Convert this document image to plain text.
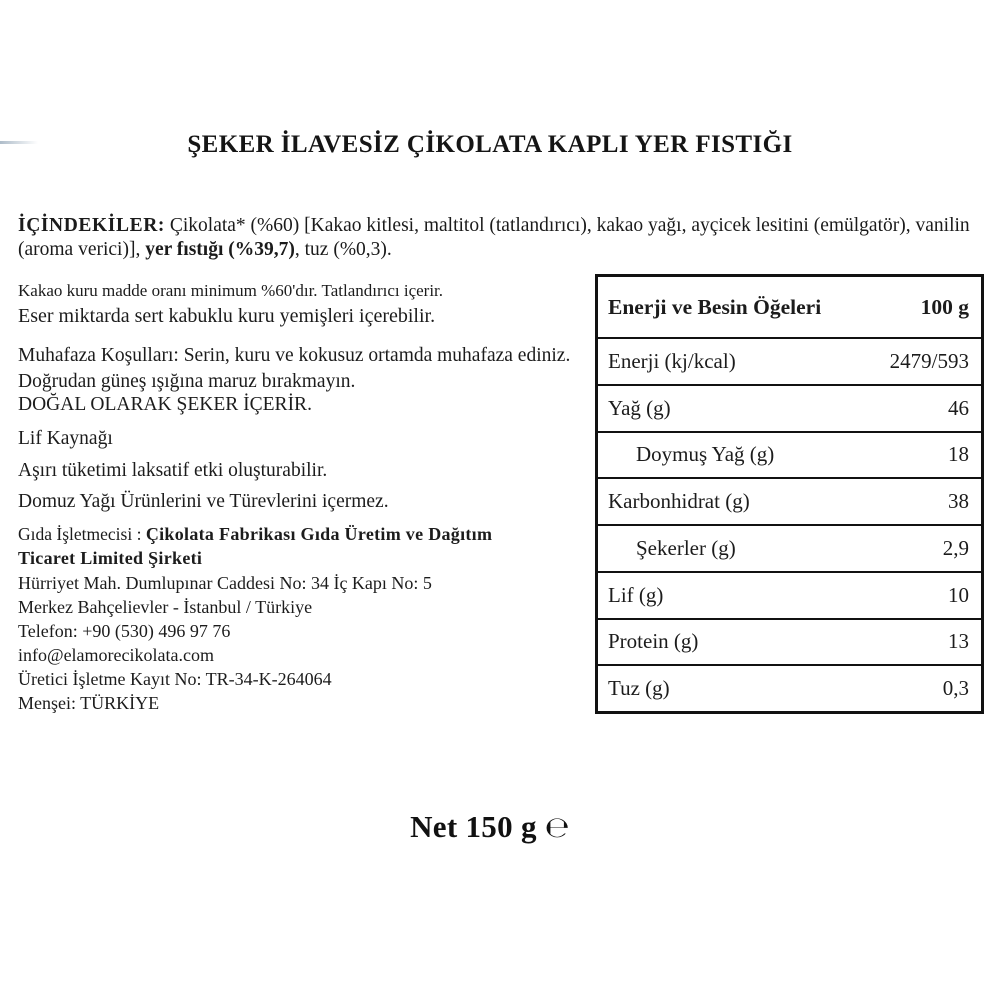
ŞEKER İLAVESİZ ÇİKOLATA KAPLI YER FISTIĞI
İÇİNDEKİLER: Çikolata* (%60) [Kakao kitlesi, maltitol (tatlandırıcı), kakao yağı, ayçicek lesitini (emülgatör), vanilin (aroma verici)], yer fıstığı (%39,7), tuz (%0,3).
Kakao kuru madde oranı minimum %60'dır. Tatlandırıcı içerir.
Eser miktarda sert kabuklu kuru yemişleri içerebilir.
Muhafaza Koşulları: Serin, kuru ve kokusuz ortamda muhafaza ediniz. Doğrudan güneş ışığına maruz bırakmayın.
DOĞAL OLARAK ŞEKER İÇERİR.
Lif Kaynağı
Aşırı tüketimi laksatif etki oluşturabilir.
Domuz Yağı Ürünlerini ve Türevlerini içermez.
Gıda İşletmecisi : Çikolata Fabrikası Gıda Üretim ve Dağıtım Ticaret Limited Şirketi
Hürriyet Mah. Dumlupınar Caddesi No: 34 İç Kapı No: 5
Merkez Bahçelievler - İstanbul / Türkiye
Telefon: +90 (530) 496 97 76
info@elamorecikolata.com
Üretici İşletme Kayıt No: TR-34-K-264064
Menşei: TÜRKİYE
Enerji ve Besin Öğeleri	100 g
Enerji (kj/kcal)	2479/593
Yağ (g)	46
Doymuş Yağ (g)	18
Karbonhidrat (g)	38
Şekerler (g)	2,9
Lif (g)	10
Protein (g)	13
Tuz (g)	0,3
Net 150 g ℮
